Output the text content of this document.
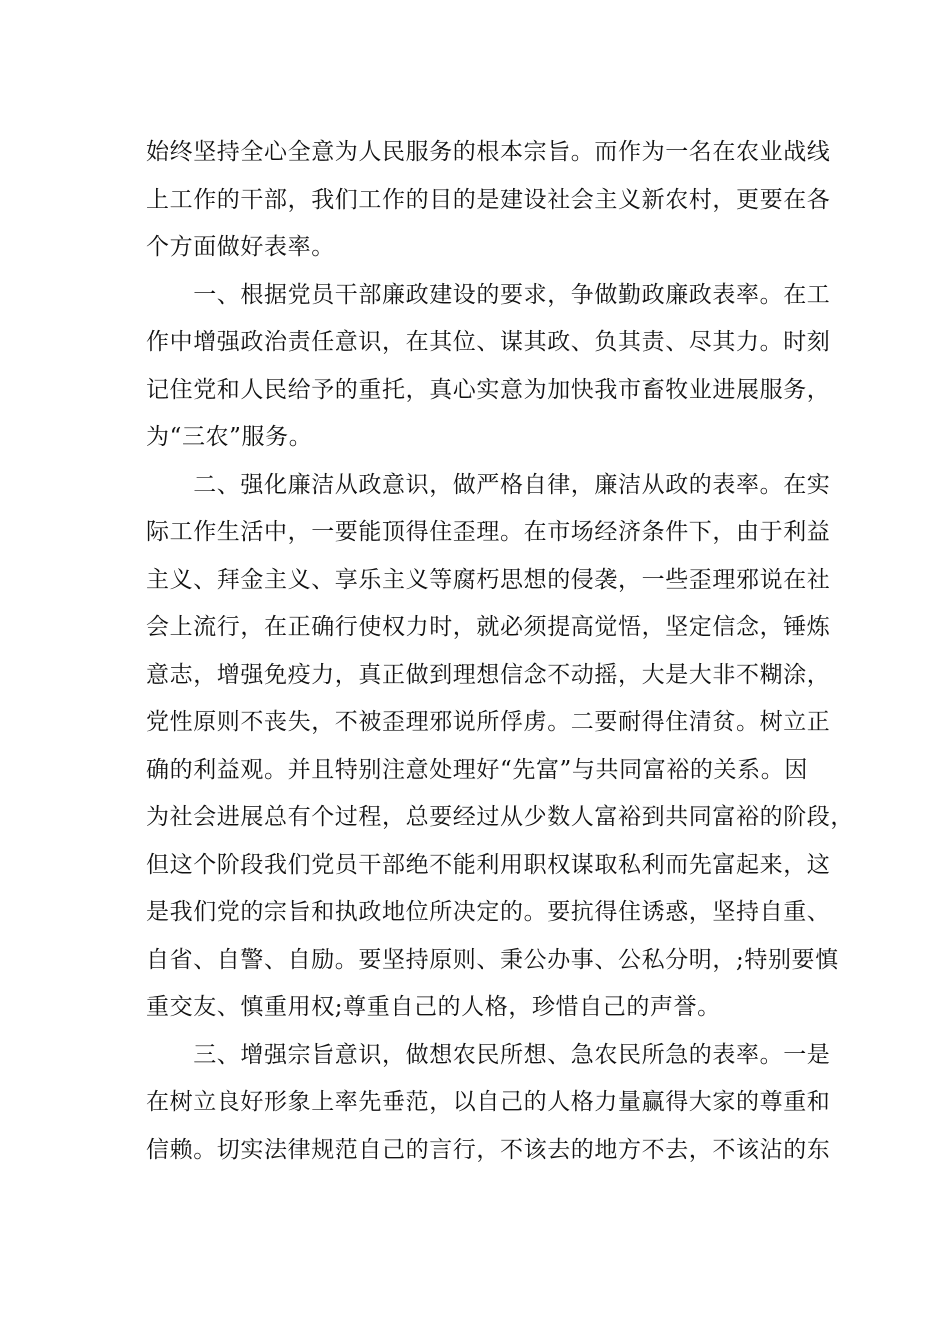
始终坚持全心全意为人民服务的根本宗旨。而作为一名在农业战线
上工作的干部，我们工作的目的是建设社会主义新农村，更要在各
个方面做好表率。
　　一、根据党员干部廉政建设的要求，争做勤政廉政表率。在工
作中增强政治责任意识，在其位、谋其政、负其责、尽其力。时刻
记住党和人民给予的重托，真心实意为加快我市畜牧业进展服务，
为“三农”服务。
　　二、强化廉洁从政意识，做严格自律，廉洁从政的表率。在实
际工作生活中，一要能顶得住歪理。在市场经济条件下，由于利益
主义、拜金主义、享乐主义等腐朽思想的侵袭，一些歪理邪说在社
会上流行，在正确行使权力时，就必须提高觉悟，坚定信念，锤炼
意志，增强免疫力，真正做到理想信念不动摇，大是大非不糊涂，
党性原则不丧失，不被歪理邪说所俘虏。二要耐得住清贫。树立正
确的利益观。并且特别注意处理好“先富”与共同富裕的关系。因
为社会进展总有个过程，总要经过从少数人富裕到共同富裕的阶段，
但这个阶段我们党员干部绝不能利用职权谋取私利而先富起来，这
是我们党的宗旨和执政地位所决定的。要抗得住诱惑，坚持自重、
自省、自警、自励。要坚持原则、秉公办事、公私分明，;特别要慎
重交友、慎重用权;尊重自己的人格，珍惜自己的声誉。
　　三、增强宗旨意识，做想农民所想、急农民所急的表率。一是
在树立良好形象上率先垂范，以自己的人格力量赢得大家的尊重和
信赖。切实法律规范自己的言行，不该去的地方不去，不该沾的东
